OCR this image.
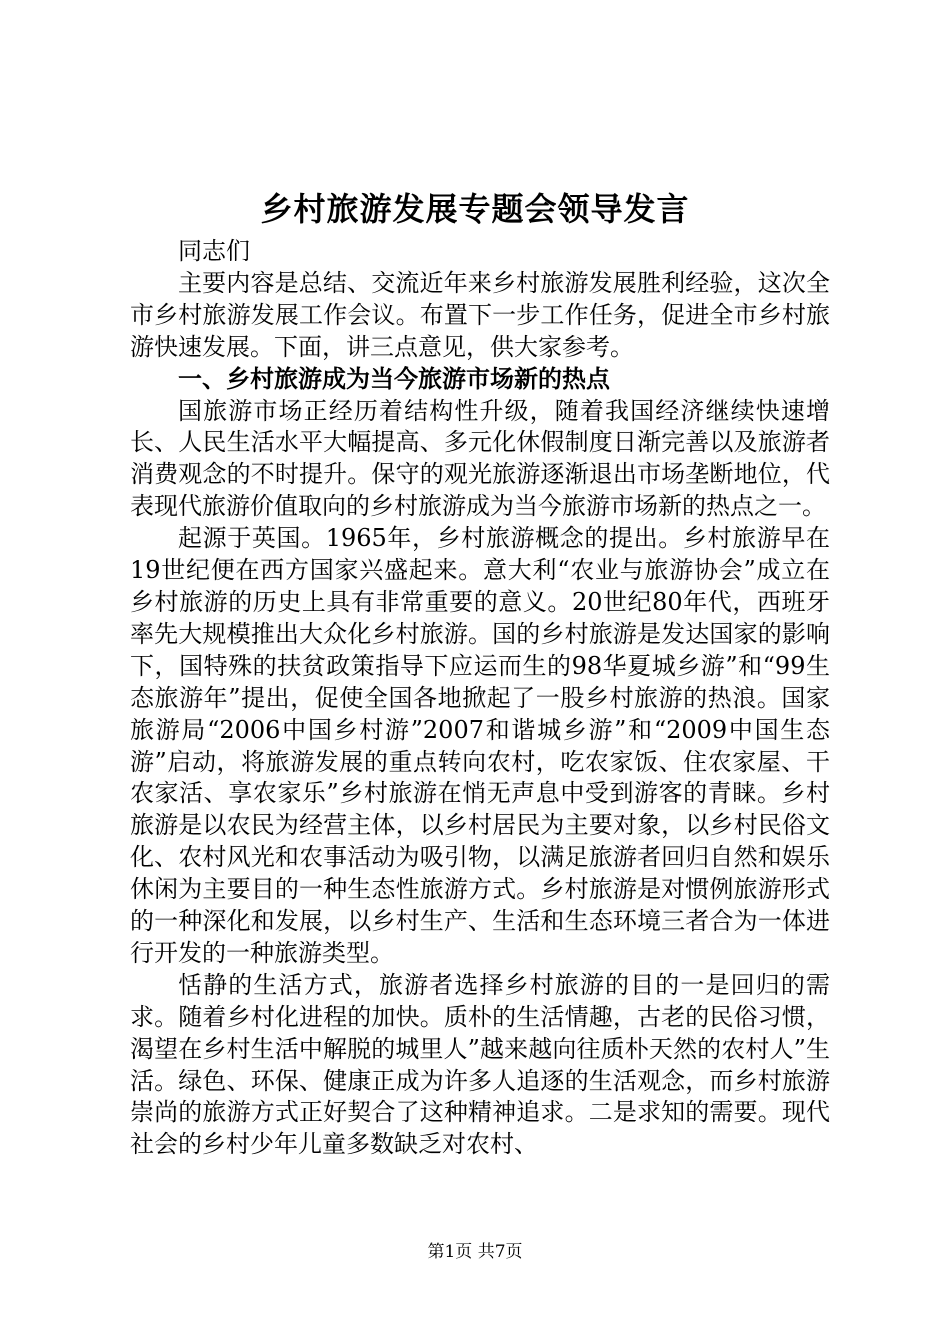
乡村旅游发展专题会领导发言

同志们

主要内容是总结、交流近年来乡村旅游发展胜利经验，这次全市乡村旅游发展工作会议。布置下一步工作任务，促进全市乡村旅游快速发展。下面，讲三点意见，供大家参考。

一、乡村旅游成为当今旅游市场新的热点

国旅游市场正经历着结构性升级，随着我国经济继续快速增长、人民生活水平大幅提高、多元化休假制度日渐完善以及旅游者消费观念的不时提升。保守的观光旅游逐渐退出市场垄断地位，代表现代旅游价值取向的乡村旅游成为当今旅游市场新的热点之一。

起源于英国。1965年，乡村旅游概念的提出。乡村旅游早在19世纪便在西方国家兴盛起来。意大利“农业与旅游协会”成立在乡村旅游的历史上具有非常重要的意义。20世纪80年代，西班牙率先大规模推出大众化乡村旅游。国的乡村旅游是发达国家的影响下，国特殊的扶贫政策指导下应运而生的98华夏城乡游”和“99生态旅游年”提出，促使全国各地掀起了一股乡村旅游的热浪。国家旅游局“2006中国乡村游”2007和谐城乡游”和“2009中国生态游”启动，将旅游发展的重点转向农村，吃农家饭、住农家屋、干农家活、享农家乐”乡村旅游在悄无声息中受到游客的青睐。乡村旅游是以农民为经营主体，以乡村居民为主要对象，以乡村民俗文化、农村风光和农事活动为吸引物，以满足旅游者回归自然和娱乐休闲为主要目的一种生态性旅游方式。乡村旅游是对惯例旅游形式的一种深化和发展，以乡村生产、生活和生态环境三者合为一体进行开发的一种旅游类型。

恬静的生活方式，旅游者选择乡村旅游的目的一是回归的需求。随着乡村化进程的加快。质朴的生活情趣，古老的民俗习惯，渴望在乡村生活中解脱的城里人”越来越向往质朴天然的农村人”生活。绿色、环保、健康正成为许多人追逐的生活观念，而乡村旅游崇尚的旅游方式正好契合了这种精神追求。二是求知的需要。现代社会的乡村少年儿童多数缺乏对农村、

第1页 共7页
